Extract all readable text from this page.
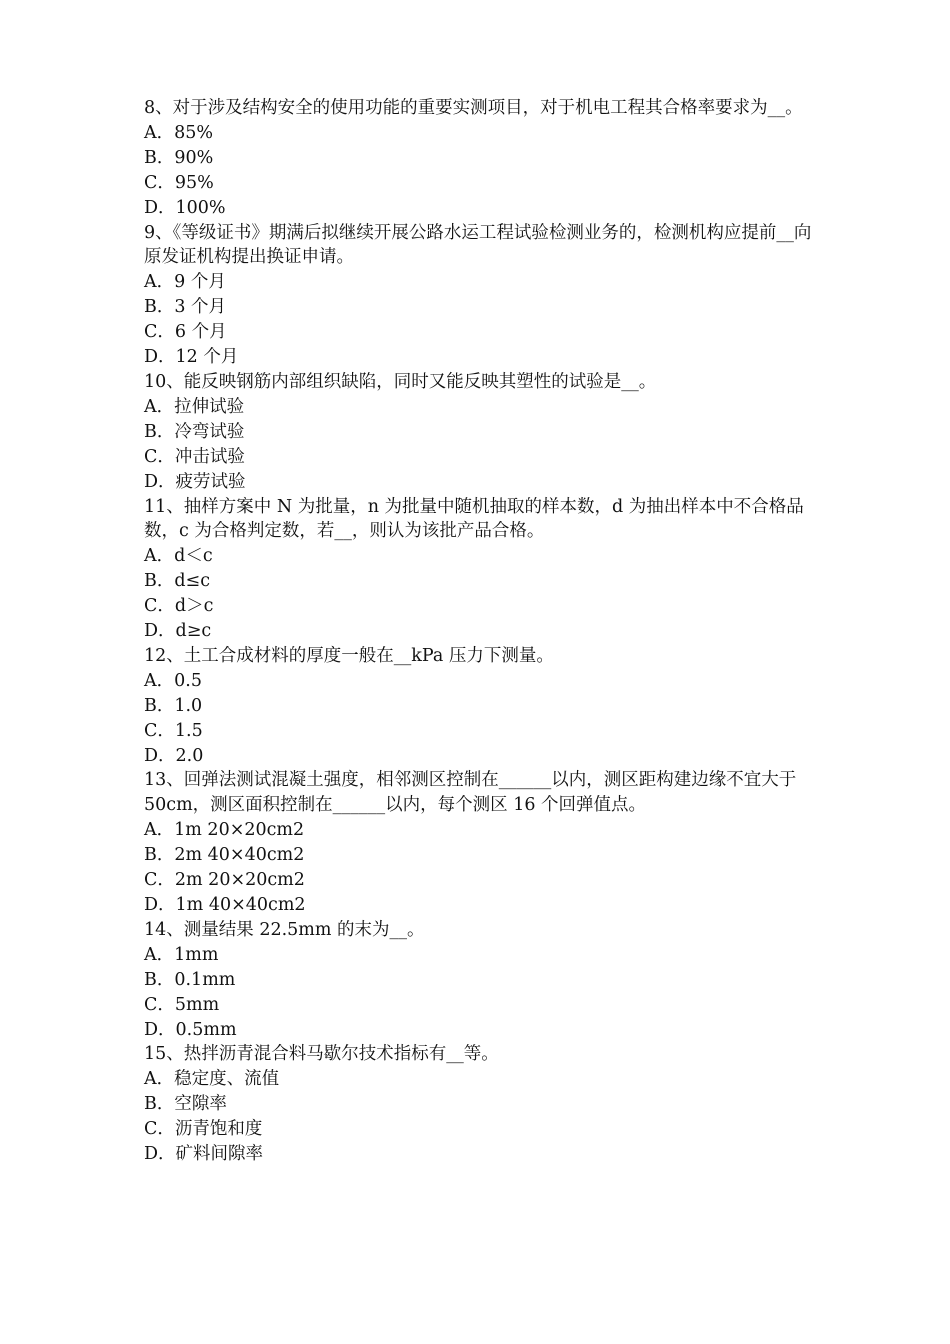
8、对于涉及结构安全的使用功能的重要实测项目，对于机电工程其合格率要求为__。

A．85%

B．90%

C．95%

D．100%

9、《等级证书》期满后拟继续开展公路水运工程试验检测业务的，检测机构应提前__向原发证机构提出换证申请。

A．9 个月

B．3 个月

C．6 个月

D．12 个月

10、能反映钢筋内部组织缺陷，同时又能反映其塑性的试验是__。

A．拉伸试验

B．冷弯试验

C．冲击试验

D．疲劳试验

11、抽样方案中 N 为批量，n 为批量中随机抽取的样本数，d 为抽出样本中不合格品数，c 为合格判定数，若__，则认为该批产品合格。

A．d＜c

B．d≤c

C．d＞c

D．d≥c

12、土工合成材料的厚度一般在__kPa 压力下测量。

A．0.5

B．1.0

C．1.5

D．2.0

13、回弹法测试混凝土强度，相邻测区控制在______以内，测区距构建边缘不宜大于 50cm，测区面积控制在______以内，每个测区 16 个回弹值点。

A．1m 20×20cm2

B．2m 40×40cm2

C．2m 20×20cm2

D．1m 40×40cm2

14、测量结果 22.5mm 的末为__。

A．1mm

B．0.1mm

C．5mm

D．0.5mm

15、热拌沥青混合料马歇尔技术指标有__等。

A．稳定度、流值

B．空隙率

C．沥青饱和度

D．矿料间隙率
